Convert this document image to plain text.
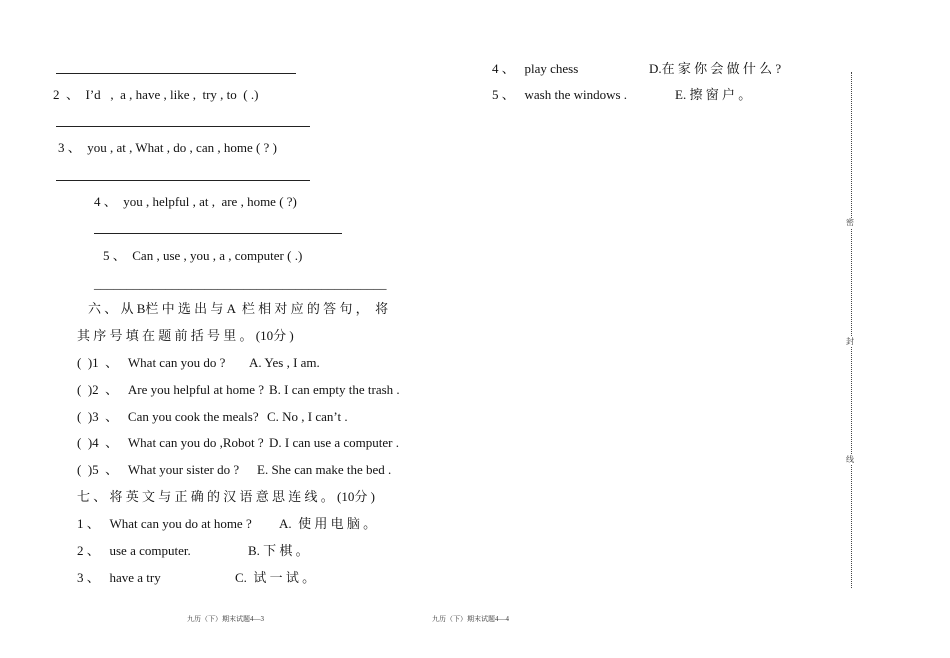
2  、  I’d   ,  a , have , like ,  try , to  ( .)
3 、  you , at , What , do , can , home ( ? )
4 、  you , helpful , at ,  are , home ( ?)
5 、  Can , use , you , a , computer ( .)
_____________________________________________
六 、 从 B栏 中 选 出 与 A  栏 相 对 应 的 答 句 ，  将
其 序 号 填 在 题 前 括 号 里 。 (10分 )
(  )1  、   What can you do ? A. Yes , I am.
(  )2  、   Are you helpful at home ? B. I can empty the trash .
(  )3  、   Can you cook the meals? C. No , I can’t .
(  )4  、   What can you do ,Robot ? D. I can use a computer .
(  )5  、   What your sister do ? E. She can make the bed .
七 、 将 英 文 与 正 确 的 汉 语 意 思 连 线 。 (10分 )
1 、   What can you do at home ? A.  使 用 电 脑 。
2 、   use a computer.	B. 下 棋 。
3 、   have a try	C.  试 一 试 。
4 、   play chess	D.在 家 你 会 做 什 么 ?
5 、   wash the windows .	E. 擦 窗 户 。
密
封
线
九历（下）期末试题4—3	九历（下）期末试题4—4
